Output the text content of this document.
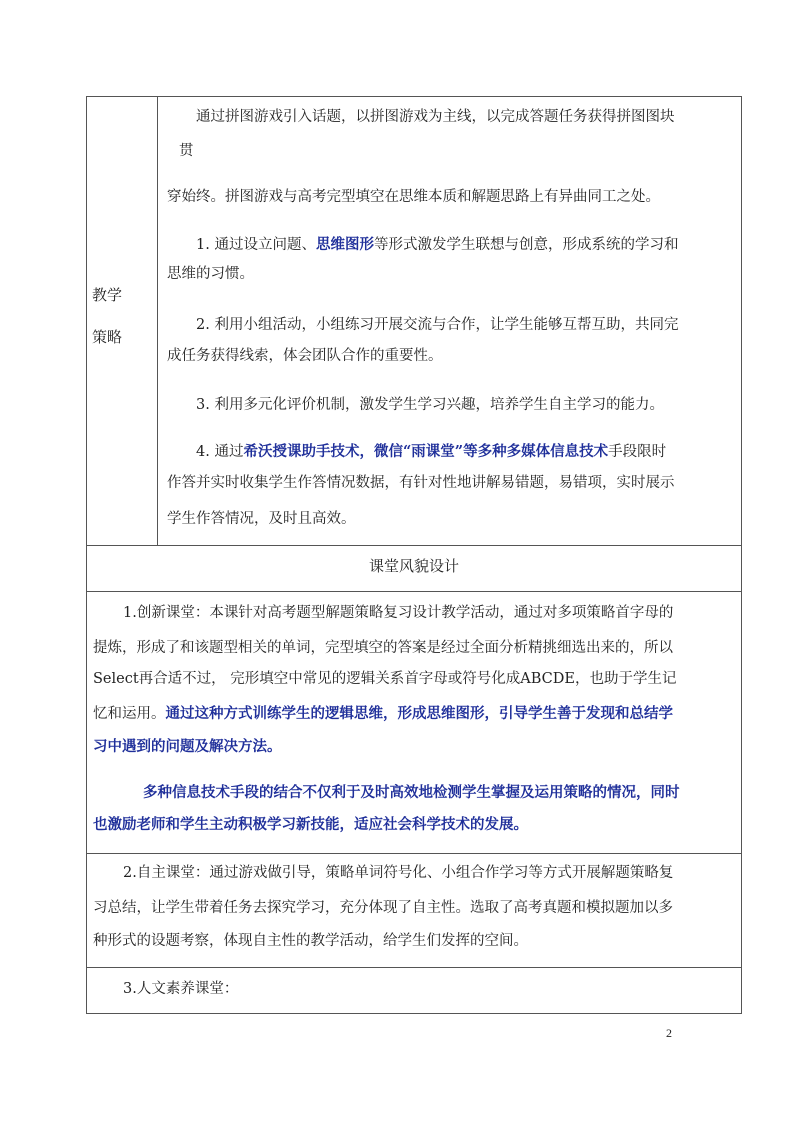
教学
策略
通过拼图游戏引入话题，以拼图游戏为主线，以完成答题任务获得拼图图块
贯
穿始终。拼图游戏与高考完型填空在思维本质和解题思路上有异曲同工之处。
1. 通过设立问题、思维图形等形式激发学生联想与创意，形成系统的学习和
思维的习惯。
2. 利用小组活动，小组练习开展交流与合作，让学生能够互帮互助，共同完
成任务获得线索，体会团队合作的重要性。
3. 利用多元化评价机制，激发学生学习兴趣，培养学生自主学习的能力。
4. 通过希沃授课助手技术，微信“雨课堂”等多种多媒体信息技术手段限时
作答并实时收集学生作答情况数据，有针对性地讲解易错题，易错项，实时展示
学生作答情况，及时且高效。
课堂风貌设计
1.创新课堂：本课针对高考题型解题策略复习设计教学活动，通过对多项策略首字母的
提炼，形成了和该题型相关的单词，完型填空的答案是经过全面分析精挑细选出来的，所以
Select再合适不过， 完形填空中常见的逻辑关系首字母或符号化成ABCDE，也助于学生记
忆和运用。通过这种方式训练学生的逻辑思维，形成思维图形，引导学生善于发现和总结学
习中遇到的问题及解决方法。
多种信息技术手段的结合不仅利于及时高效地检测学生掌握及运用策略的情况，同时
也激励老师和学生主动积极学习新技能，适应社会科学技术的发展。
2.自主课堂：通过游戏做引导，策略单词符号化、小组合作学习等方式开展解题策略复
习总结，让学生带着任务去探究学习，充分体现了自主性。选取了高考真题和模拟题加以多
种形式的设题考察，体现自主性的教学活动，给学生们发挥的空间。
3.人文素养课堂：
2
